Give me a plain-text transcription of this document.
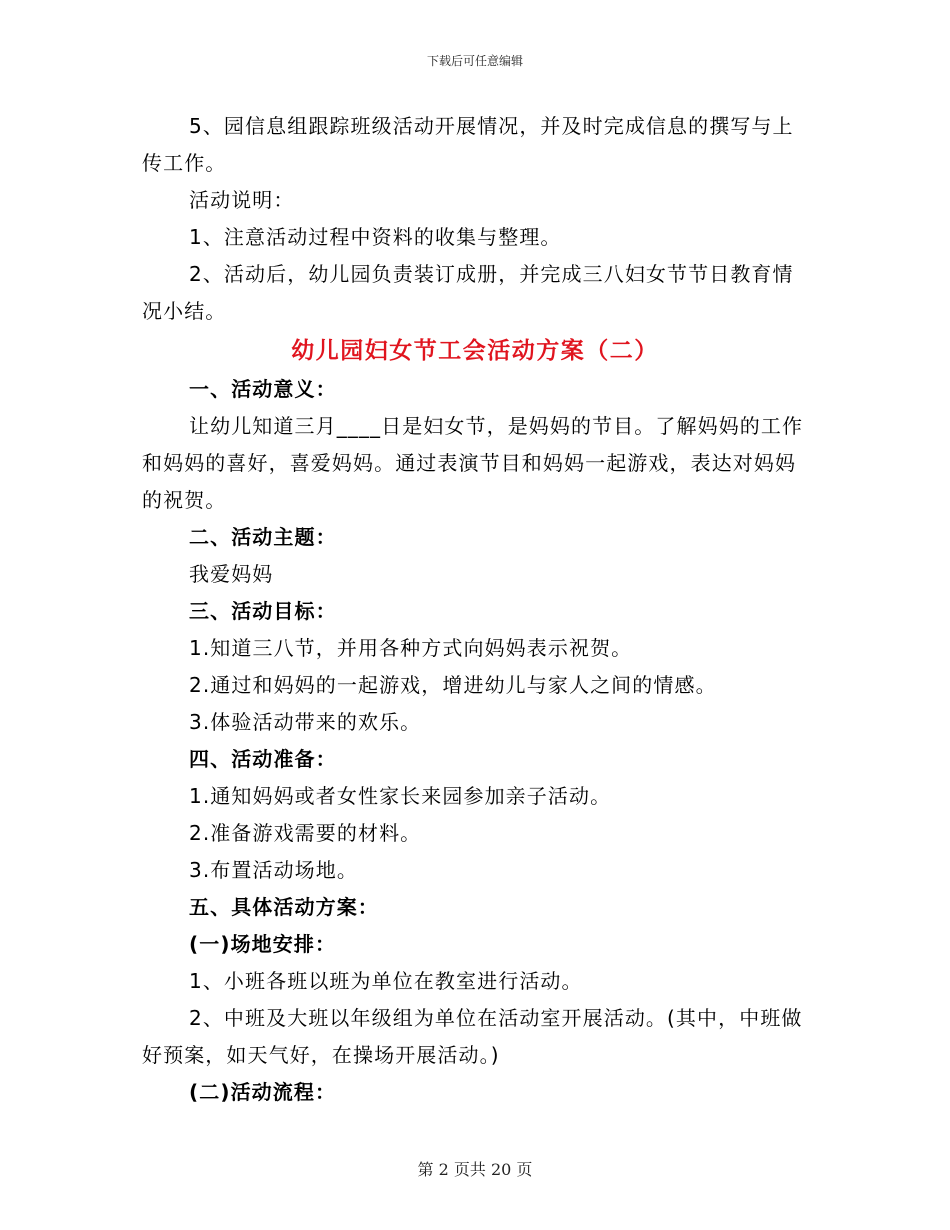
下载后可任意编辑

5、园信息组跟踪班级活动开展情况，并及时完成信息的撰写与上传工作。

活动说明：

1、注意活动过程中资料的收集与整理。

2、活动后，幼儿园负责装订成册，并完成三八妇女节节日教育情况小结。

幼儿园妇女节工会活动方案（二）

一、活动意义：

让幼儿知道三月____日是妇女节，是妈妈的节目。了解妈妈的工作和妈妈的喜好，喜爱妈妈。通过表演节目和妈妈一起游戏，表达对妈妈的祝贺。

二、活动主题：

我爱妈妈

三、活动目标：

1.知道三八节，并用各种方式向妈妈表示祝贺。

2.通过和妈妈的一起游戏，增进幼儿与家人之间的情感。

3.体验活动带来的欢乐。

四、活动准备：

1.通知妈妈或者女性家长来园参加亲子活动。

2.准备游戏需要的材料。

3.布置活动场地。

五、具体活动方案：

(一)场地安排：

1、小班各班以班为单位在教室进行活动。

2、中班及大班以年级组为单位在活动室开展活动。(其中，中班做好预案，如天气好，在操场开展活动。)

(二)活动流程：

第 2 页共 20 页
